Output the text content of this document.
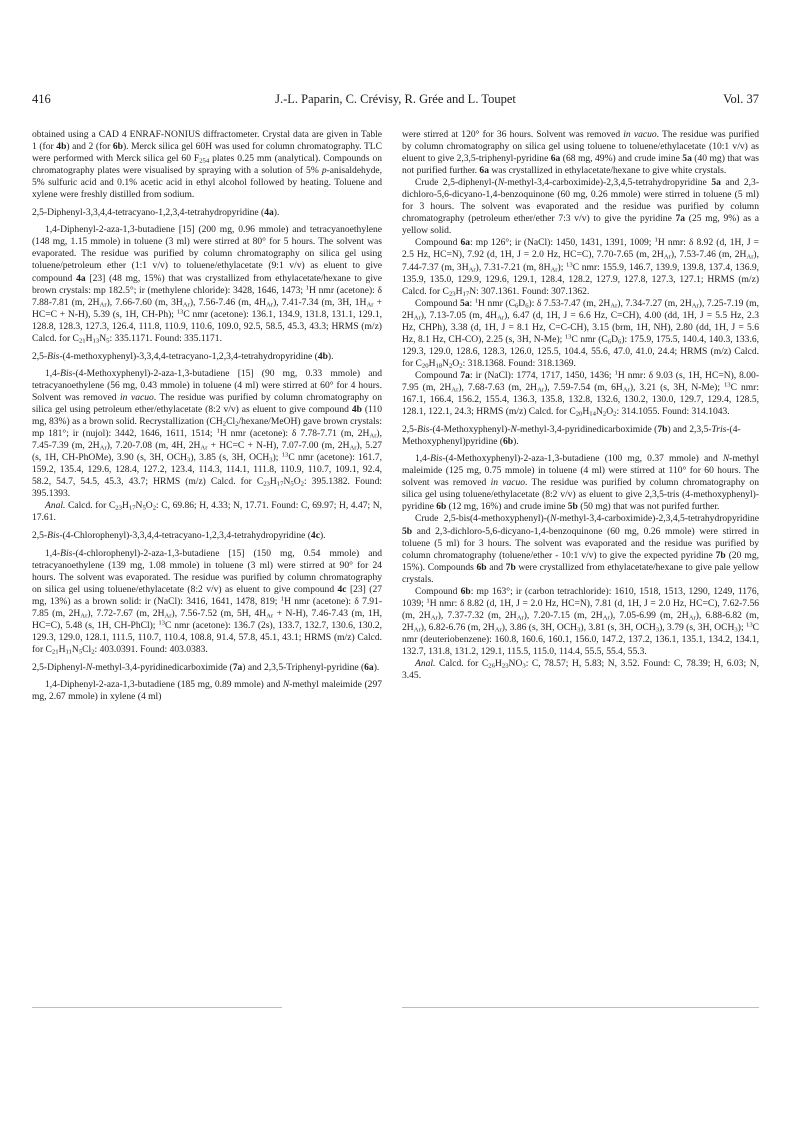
416	J.-L. Paparin, C. Crévisy, R. Grée and L. Toupet	Vol. 37

obtained using a CAD 4 ENRAF-NONIUS diffractometer. Crystal data are given in Table 1 (for 4b) and 2 (for 6b). Merck silica gel 60H was used for column chromatography. TLC were performed with Merck silica gel 60 $F_{254}$ plates 0.25 mm (analytical). Compounds on chromatography plates were visualised by spraying with a solution of 5% p-anisaldehyde, 5% sulfuric acid and 0.1% acetic acid in ethyl alcohol followed by heating. Toluene and xylene were freshly distilled from sodium.

2,5-Diphenyl-3,3,4,4-tetracyano-1,2,3,4-tetrahydropyridine (4a).

1,4-Diphenyl-2-aza-1,3-butadiene [15] (200 mg, 0.96 mmole) and tetracyanoethylene (148 mg, 1.15 mmole) in toluene (3 ml) were stirred at 80° for 5 hours. The solvent was evaporated. The residue was purified by column chromatography on silica gel using toluene/petroleum ether (1:1 v/v) to toluene/ethylacetate (9:1 v/v) as eluent to give compound 4a [23] (48 mg, 15%) that was crystallized from ethylacetate/hexane to give brown crystals: mp 182.5°; ir (methylene chloride): 3428, 1646, 1473; $^1$H nmr (acetone): δ 7.88-7.81 (m, $2H_{Ar}$), 7.66-7.60 (m, $3H_{Ar}$), 7.56-7.46 (m, $4H_{Ar}$), 7.41-7.34 (m, 3H, $1H_{Ar} + HC=C + N-H$), 5.39 (s, 1H, CH-Ph); $^{13}$C nmr (acetone): 136.1, 134.9, 131.8, 131.1, 129.1, 128.8, 128.3, 127.3, 126.4, 111.8, 110.9, 110.6, 109.0, 92.5, 58.5, 45.3, 43.3; HRMS (m/z) Calcd. for $C_{21}H_{13}N_5$: 335.1171. Found: 335.1171.

2,5-Bis-(4-methoxyphenyl)-3,3,4,4-tetracyano-1,2,3,4-tetrahydropyridine (4b).

1,4-Bis-(4-Methoxyphenyl)-2-aza-1,3-butadiene [15] (90 mg, 0.33 mmole) and tetracyanoethylene (56 mg, 0.43 mmole) in toluene (4 ml) were stirred at 60° for 4 hours. Solvent was removed in vacuo. The residue was purified by column chromatography on silica gel using petroleum ether/ethylacetate (8:2 v/v) as eluent to give compound 4b (110 mg, 83%) as a brown solid. Recrystallization $(CH_2Cl_2/hexane/MeOH)$ gave brown crystals: mp 181°; ir (nujol): 3442, 1646, 1611, 1514; $^1$H nmr (acetone): δ 7.78-7.71 (m, $2H_{Ar}$), 7.45-7.39 (m, $2H_{Ar}$), 7.20-7.08 (m, 4H, $2H_{Ar} + HC=C + N-H$), 7.07-7.00 (m, $2H_{Ar}$), 5.27 (s, 1H, CH-PhOMe), 3.90 (s, 3H, $OCH_3$), 3.85 (s, 3H, $OCH_3$); $^{13}$C nmr (acetone): 161.7, 159.2, 135.4, 129.6, 128.4, 127.2, 123.4, 114.3, 114.1, 111.8, 110.9, 110.7, 109.1, 92.4, 58.2, 54.7, 54.5, 45.3, 43.7; HRMS (m/z) Calcd. for $C_{23}H_{17}N_5O_2$: 395.1382. Found: 395.1393.

Anal. Calcd. for $C_{23}H_{17}N_5O_2$: C, 69.86; H, 4.33; N, 17.71. Found: C, 69.97; H, 4.47; N, 17.61.

2,5-Bis-(4-Chlorophenyl)-3,3,4,4-tetracyano-1,2,3,4-tetrahydropyridine (4c).

1,4-Bis-(4-chlorophenyl)-2-aza-1,3-butadiene [15] (150 mg, 0.54 mmole) and tetracyanoethylene (139 mg, 1.08 mmole) in toluene (3 ml) were stirred at 90° for 24 hours. The solvent was evaporated. The residue was purified by column chromatography on silica gel using toluene/ethylacetate (8:2 v/v) as eluent to give compound 4c [23] (27 mg, 13%) as a brown solid: ir (NaCl): 3416, 1641, 1478, 819; $^1$H nmr (acetone): δ 7.91-7.85 (m, $2H_{Ar}$), 7.72-7.67 (m, $2H_{Ar}$), 7.56-7.52 (m, 5H, $4H_{Ar} + N-H$), 7.46-7.43 (m, 1H, HC=C), 5.48 (s, 1H, CH-PhCl); $^{13}$C nmr (acetone): 136.7 (2s), 133.7, 132.7, 130.6, 130.2, 129.3, 129.0, 128.1, 111.5, 110.7, 110.4, 108.8, 91.4, 57.8, 45.1, 43.1; HRMS (m/z) Calcd. for $C_{21}H_{11}N_5Cl_2$: 403.0391. Found: 403.0383.

2,5-Diphenyl-N-methyl-3,4-pyridinedicarboximide (7a) and 2,3,5-Triphenyl-pyridine (6a).

1,4-Diphenyl-2-aza-1,3-butadiene (185 mg, 0.89 mmole) and N-methyl maleimide (297 mg, 2.67 mmole) in xylene (4 ml)

were stirred at 120° for 36 hours. Solvent was removed in vacuo. The residue was purified by column chromatography on silica gel using toluene to toluene/ethylacetate (10:1 v/v) as eluent to give 2,3,5-triphenyl-pyridine 6a (68 mg, 49%) and crude imine 5a (40 mg) that was not purified further. 6a was crystallized in ethylacetate/hexane to give white crystals.

Crude 2,5-diphenyl-(N-methyl-3,4-carboximide)-2,3,4,5-tetrahydropyridine 5a and 2,3-dichloro-5,6-dicyano-1,4-benzoquinone (60 mg, 0.26 mmole) were stirred in toluene (5 ml) for 3 hours. The solvent was evaporated and the residue was purified by column chromatography (petroleum ether/ether 7:3 v/v) to give the pyridine 7a (25 mg, 9%) as a yellow solid.

Compound 6a: mp 126°; ir (NaCl): 1450, 1431, 1391, 1009; $^1$H nmr: δ 8.92 (d, 1H, J = 2.5 Hz, HC=N), 7.92 (d, 1H, J = 2.0 Hz, HC=C), 7.70-7.65 (m, $2H_{Ar}$), 7.53-7.46 (m, $2H_{Ar}$), 7.44-7.37 (m, $3H_{Ar}$), 7.31-7.21 (m, $8H_{Ar}$); $^{13}$C nmr: 155.9, 146.7, 139.9, 139.8, 137.4, 136.9, 135.9, 135.0, 129.9, 129.6, 129.1, 128.4, 128.2, 127.9, 127.8, 127.3, 127.1; HRMS (m/z) Calcd. for $C_{23}H_{17}N$: 307.1361. Found: 307.1362.

Compound 5a: $^1$H nmr $(C_6D_6)$: δ 7.53-7.47 (m, $2H_{Ar}$), 7.34-7.27 (m, $2H_{Ar}$), 7.25-7.19 (m, $2H_{Ar}$), 7.13-7.05 (m, $4H_{Ar}$), 6.47 (d, 1H, J = 6.6 Hz, C=CH), 4.00 (dd, 1H, J = 5.5 Hz, 2.3 Hz, CHPh), 3.38 (d, 1H, J = 8.1 Hz, C=C-CH), 3.15 (brm, 1H, NH), 2.80 (dd, 1H, J = 5.6 Hz, 8.1 Hz, CH-CO), 2.25 (s, 3H, N-Me); $^{13}$C nmr $(C_6D_6)$: 175.9, 175.5, 140.4, 140.3, 133.6, 129.3, 129.0, 128.6, 128.3, 126.0, 125.5, 104.4, 55.6, 47.0, 41.0, 24.4; HRMS (m/z) Calcd. for $C_{20}H_{18}N_2O_2$: 318.1368. Found: 318.1369.

Compound 7a: ir (NaCl): 1774, 1717, 1450, 1436; $^1$H nmr: δ 9.03 (s, 1H, HC=N), 8.00-7.95 (m, $2H_{Ar}$), 7.68-7.63 (m, $2H_{Ar}$), 7.59-7.54 (m, $6H_{Ar}$), 3.21 (s, 3H, N-Me); $^{13}$C nmr: 167.1, 166.4, 156.2, 155.4, 136.3, 135.8, 132.8, 132.6, 130.2, 130.0, 129.7, 129.4, 128.5, 128.1, 122.1, 24.3; HRMS (m/z) Calcd. for $C_{20}H_{14}N_2O_2$: 314.1055. Found: 314.1043.

2,5-Bis-(4-Methoxyphenyl)-N-methyl-3,4-pyridinedicarboximide (7b) and 2,3,5-Tris-(4-Methoxyphenyl)pyridine (6b).

1,4-Bis-(4-Methoxyphenyl)-2-aza-1,3-butadiene (100 mg, 0.37 mmole) and N-methyl maleimide (125 mg, 0.75 mmole) in toluene (4 ml) were stirred at 110° for 60 hours. The solvent was removed in vacuo. The residue was purified by column chromatography on silica gel using toluene/ethylacetate (8:2 v/v) as eluent to give 2,3,5-tris (4-methoxyphenyl)-pyridine 6b (12 mg, 16%) and crude imine 5b (50 mg) that was not purifed further.

Crude 2,5-bis(4-methoxyphenyl)-(N-methyl-3,4-carboximide)-2,3,4,5-tetrahydropyridine 5b and 2,3-dichloro-5,6-dicyano-1,4-benzoquinone (60 mg, 0.26 mmole) were stirred in toluene (5 ml) for 3 hours. The solvent was evaporated and the residue was purified by column chromatography (toluene/ether - 10:1 v/v) to give the expected pyridine 7b (20 mg, 15%). Compounds 6b and 7b were crystallized from ethylacetate/hexane to give pale yellow crystals.

Compound 6b: mp 163°; ir (carbon tetrachloride): 1610, 1518, 1513, 1290, 1249, 1176, 1039; $^1$H nmr: δ 8.82 (d, 1H, J = 2.0 Hz, HC=N), 7.81 (d, 1H, J = 2.0 Hz, HC=C), 7.62-7.56 (m, $2H_{Ar}$), 7.37-7.32 (m, $2H_{Ar}$), 7.20-7.15 (m, $2H_{Ar}$), 7.05-6.99 (m, $2H_{Ar}$), 6.88-6.82 (m, $2H_{Ar}$), 6.82-6.76 (m, $2H_{Ar}$), 3.86 (s, 3H, $OCH_3$), 3.81 (s, 3H, $OCH_3$), 3.79 (s, 3H, $OCH_3$); $^{13}$C nmr (deuteriobenzene): 160.8, 160.6, 160.1, 156.0, 147.2, 137.2, 136.1, 135.1, 134.2, 134.1, 132.7, 131.8, 131.2, 129.1, 115.5, 115.0, 114.4, 55.5, 55.4, 55.3.

Anal. Calcd. for $C_{26}H_{23}NO_3$: C, 78.57; H, 5.83; N, 3.52. Found: C, 78.39; H, 6.03; N, 3.45.
